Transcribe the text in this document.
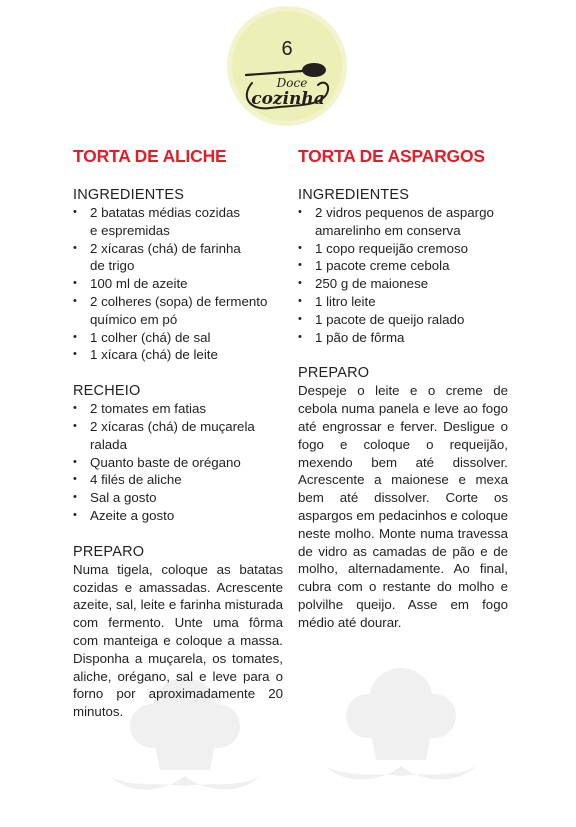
6
Doce
cozinha
TORTA DE ALICHE
INGREDIENTES
• 2 batatas médias cozidas
e espremidas
• 2 xícaras (chá) de farinha
de trigo
• 100 ml de azeite
• 2 colheres (sopa) de fermento
químico em pó
• 1 colher (chá) de sal
• 1 xícara (chá) de leite
RECHEIO
• 2 tomates em fatias
• 2 xícaras (chá) de muçarela
ralada
• Quanto baste de orégano
• 4 filés de aliche
• Sal a gosto
• Azeite a gosto
PREPARO

Numa tigela, coloque as batatas cozidas e amassadas. Acrescente azeite, sal, leite e farinha misturada com fermento. Unte uma fôrma com manteiga e coloque a massa. Disponha a muçarela, os tomates, aliche, orégano, sal e leve para o forno por aproximadamente 20 minutos.

TORTA DE ASPARGOS
INGREDIENTES
• 2 vidros pequenos de aspargo
amarelinho em conserva
• 1 copo requeijão cremoso
• 1 pacote creme cebola
• 250 g de maionese
• 1 litro leite
• 1 pacote de queijo ralado
• 1 pão de fôrma
PREPARO

Despeje o leite e o creme de cebola numa panela e leve ao fogo até engrossar e ferver. Desligue o fogo e coloque o requeijão, mexendo bem até dissolver. Acrescente a maionese e mexa bem até dissolver. Corte os aspargos em pedacinhos e coloque neste molho. Monte numa travessa de vidro as camadas de pão e de molho, alternadamente. Ao final, cubra com o restante do molho e polvilhe queijo. Asse em fogo médio até dourar.
